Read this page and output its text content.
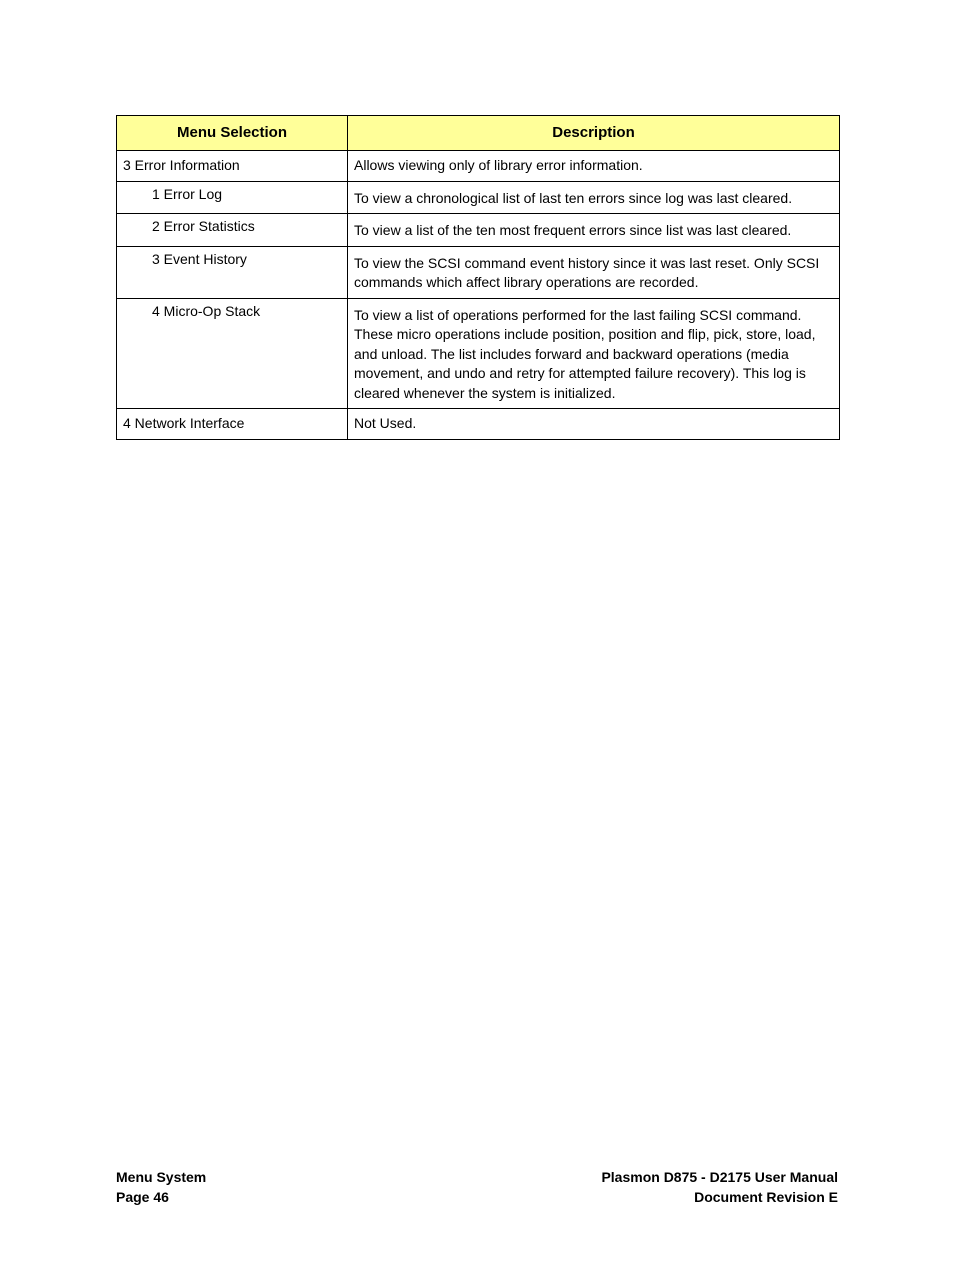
Menu Selection	Description
3 Error Information	Allows viewing only of library error information.
1 Error Log	To view a chronological list of last ten errors since log was last cleared.
2 Error Statistics	To view a list of the ten most frequent errors since list was last cleared.
3 Event History	To view the SCSI command event history since it was last reset. Only SCSI commands which affect library operations are recorded.
4 Micro-Op Stack	To view a list of operations performed for the last failing SCSI command. These micro operations include position, position and flip, pick, store, load, and unload. The list includes forward and backward operations (media movement, and undo and retry for attempted failure recovery). This log is cleared whenever the system is initialized.
4 Network Interface	Not Used.
Menu System
Page 46
Plasmon D875 - D2175 User Manual
Document Revision E
